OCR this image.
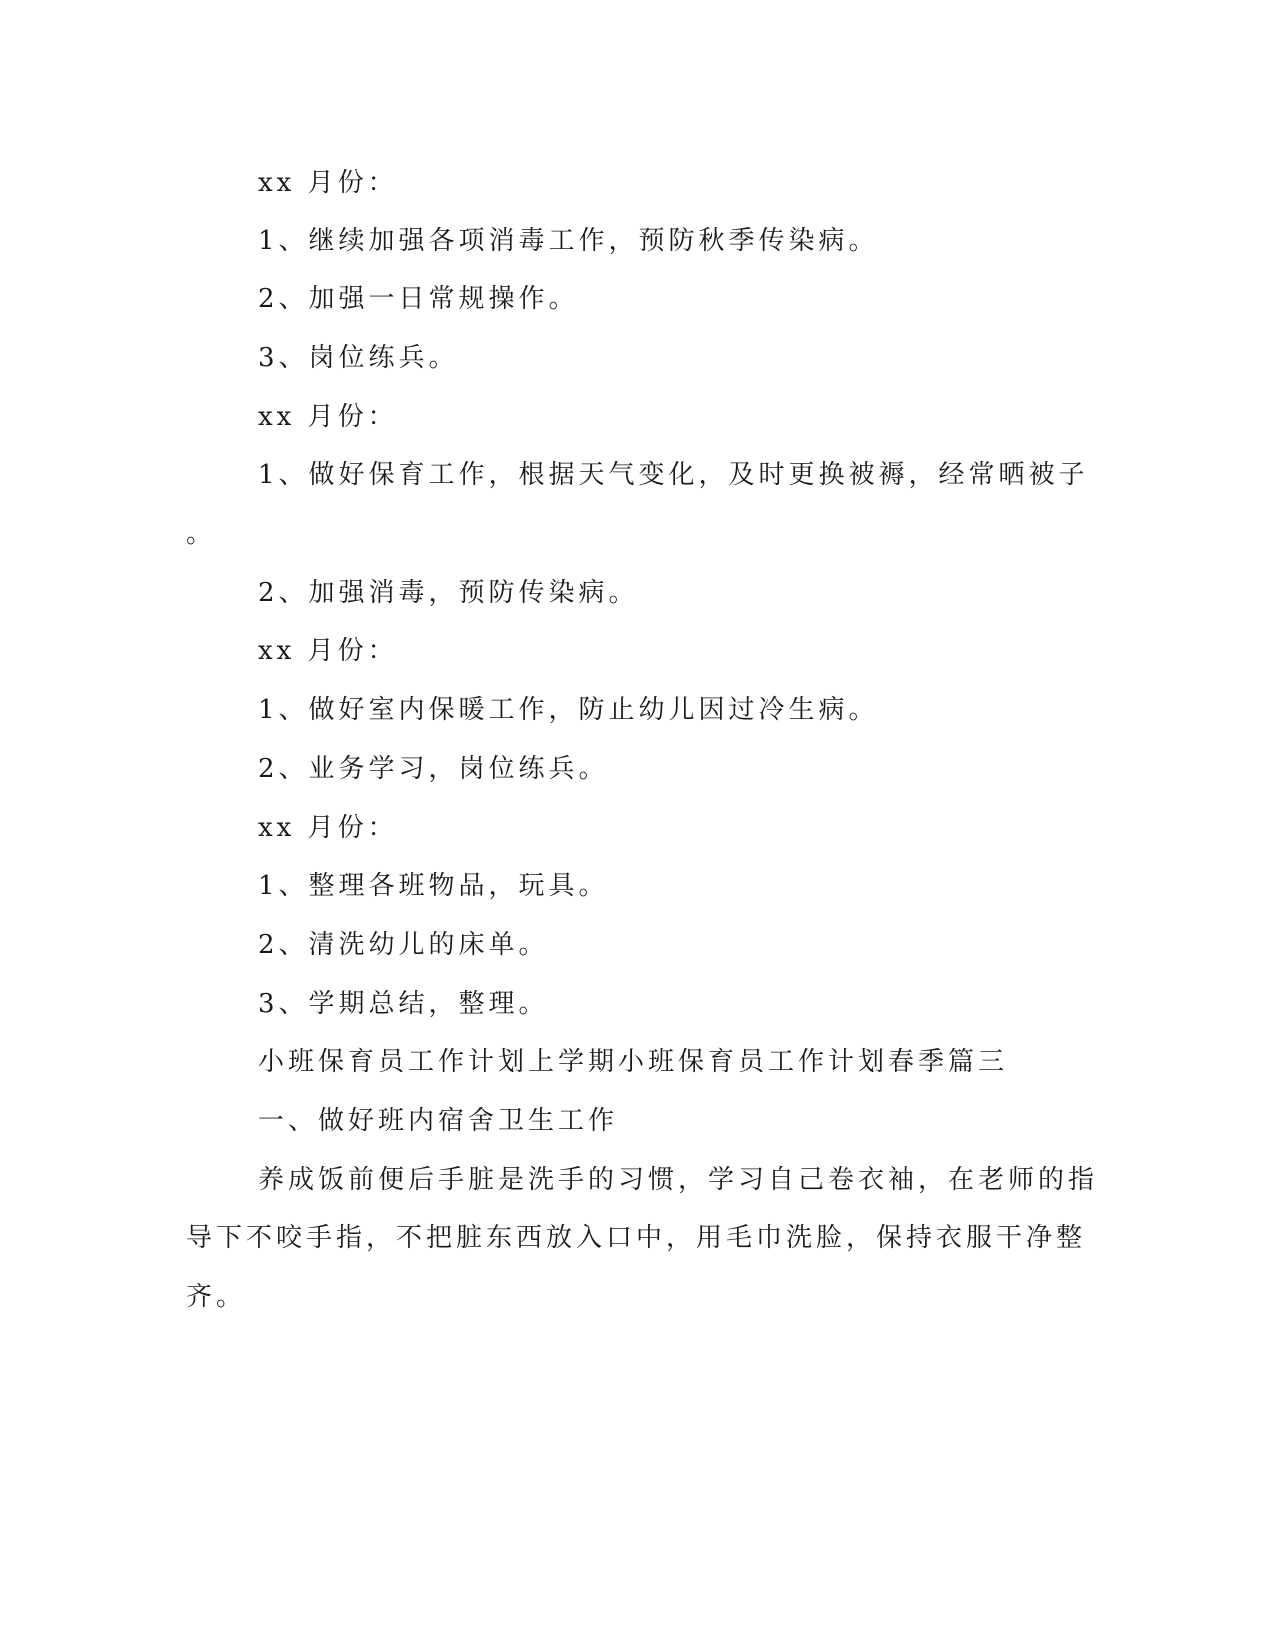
xx 月份：
1、继续加强各项消毒工作，预防秋季传染病。
2、加强一日常规操作。
3、岗位练兵。
xx 月份：
1、做好保育工作，根据天气变化，及时更换被褥，经常晒被子
。
2、加强消毒，预防传染病。
xx 月份：
1、做好室内保暖工作，防止幼儿因过冷生病。
2、业务学习，岗位练兵。
xx 月份：
1、整理各班物品，玩具。
2、清洗幼儿的床单。
3、学期总结，整理。
小班保育员工作计划上学期小班保育员工作计划春季篇三
一、做好班内宿舍卫生工作
养成饭前便后手脏是洗手的习惯，学习自己卷衣袖，在老师的指
导下不咬手指，不把脏东西放入口中，用毛巾洗脸，保持衣服干净整
齐。
